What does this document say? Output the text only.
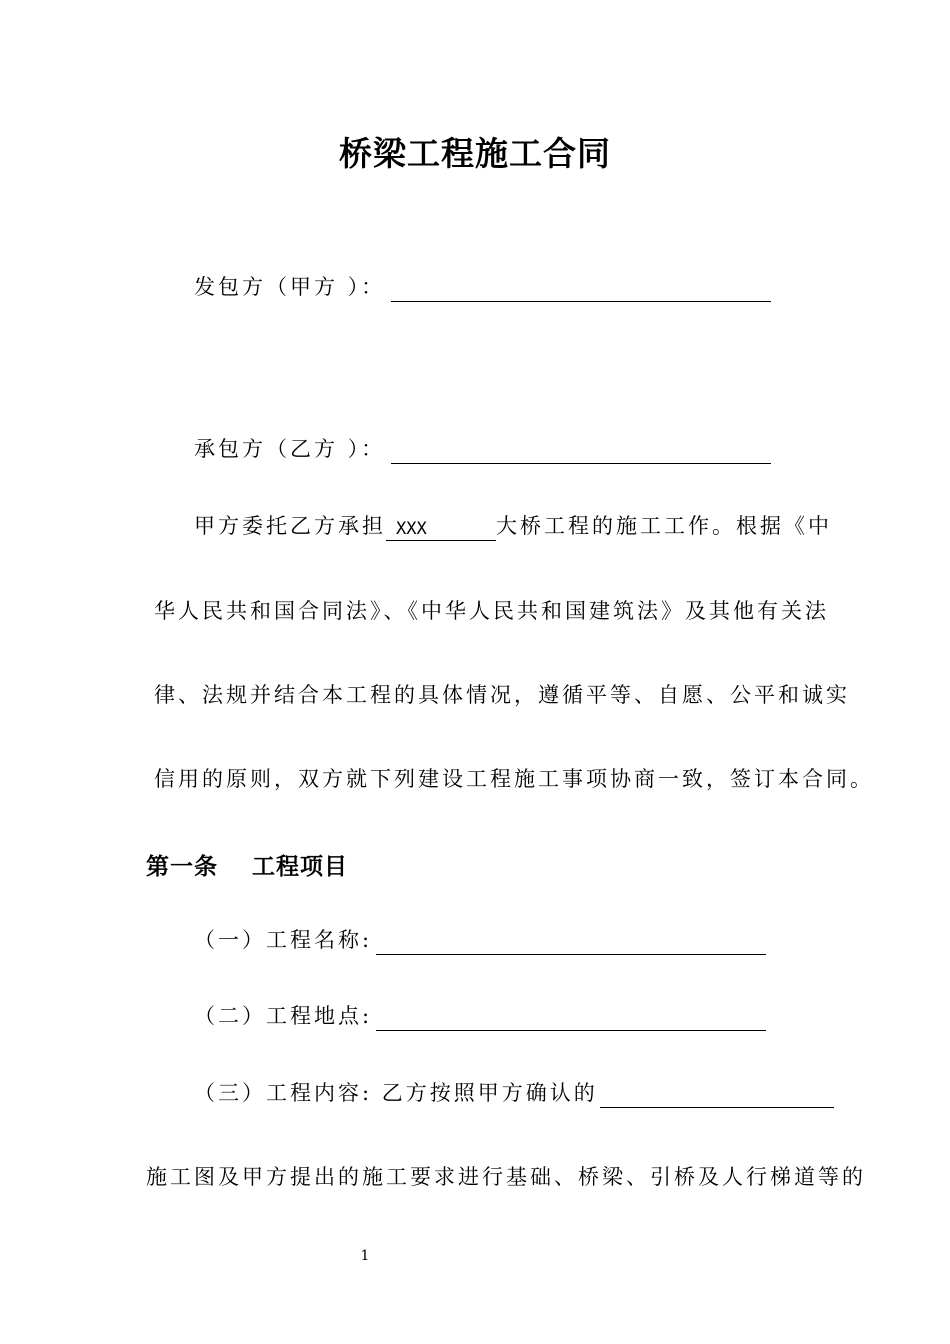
桥梁工程施工合同
发包方（甲方 ）：
承包方（乙方 ）：
甲方委托乙方承担 XXX	大桥工程的施工工作。根据《中
华人民共和国合同法》、《中华人民共和国建筑法》及其他有关法
律、法规并结合本工程的具体情况，遵循平等、自愿、公平和诚实
信用的原则，双方就下列建设工程施工事项协商一致，签订本合同。
第一条 工程项目
（一）工程名称:
（二）工程地点:
（三）工程内容: 乙方按照甲方确认的
施工图及甲方提出的施工要求进行基础、桥梁、引桥及人行梯道等的
1
